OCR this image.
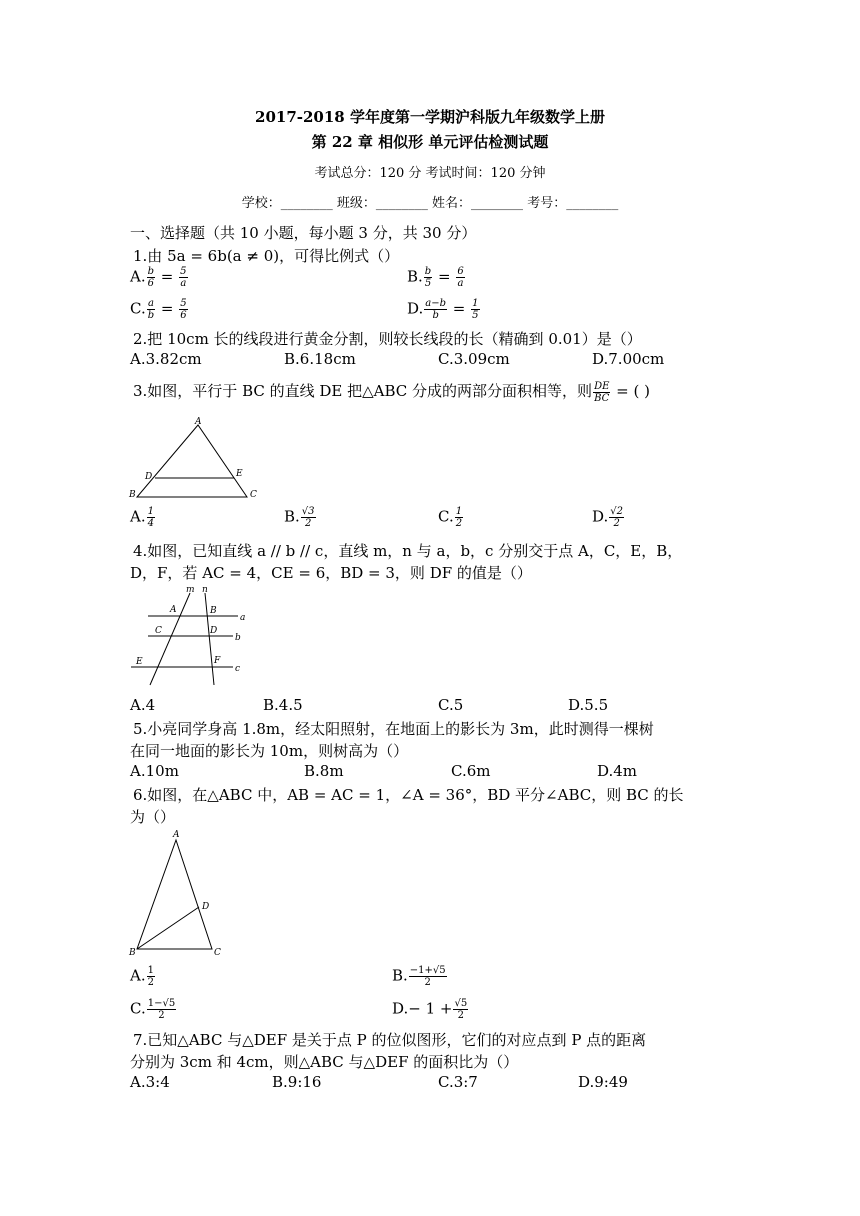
2017-2018 学年度第一学期沪科版九年级数学上册
第 22 章 相似形 单元评估检测试题
考试总分：120 分 考试时间：120 分钟
学校：________ 班级：________ 姓名：________ 考号：________
一、选择题（共 10 小题，每小题 3 分，共 30 分）
1.由 5a = 6b(a ≠ 0)，可得比例式（）
A. $\frac{b}{6} = \frac{5}{a}$	B. $\frac{b}{5} = \frac{6}{a}$
C. $\frac{a}{b} = \frac{5}{6}$	D. $\frac{a-b}{b} = \frac{1}{5}$
2.把 10cm 长的线段进行黄金分割，则较长线段的长（精确到 0.01）是（）
A.3.82cm	B.6.18cm	C.3.09cm	D.7.00cm
3.如图，平行于 BC 的直线 DE 把△ABC 分成的两部分面积相等，则 $\frac{DE}{BC}$ = ( )
A
B	C
D	E
A. $\frac{1}{4}$	B. $\frac{√3}{2}$	C. $\frac{1}{2}$	D. $\frac{√2}{2}$
4.如图，已知直线 a // b // c，直线 m，n 与 a，b，c 分别交于点 A，C，E，B，
D，F，若 AC = 4，CE = 6，BD = 3，则 DF 的值是（）
m n
A	B
C	D
E	F
a
b
c
A.4	B.4.5	C.5	D.5.5
5.小亮同学身高 1.8m，经太阳照射，在地面上的影长为 3m，此时测得一棵树
在同一地面的影长为 10m，则树高为（）
A.10m	B.8m	C.6m	D.4m
6.如图，在△ABC 中，AB = AC = 1，∠A = 36°，BD 平分∠ABC，则 BC 的长
为（）
A
B	C
D
A. $\frac{1}{2}$	B. $\frac{-1+√5}{2}$
C. $\frac{1-√5}{2}$	$D.- 1 + \frac{√5}{2}$
7.已知△ABC 与△DEF 是关于点 P 的位似图形，它们的对应点到 P 点的距离
分别为 3cm 和 4cm，则△ABC 与△DEF 的面积比为（）
A.3:4	B.9:16	C.3:7	D.9:49
